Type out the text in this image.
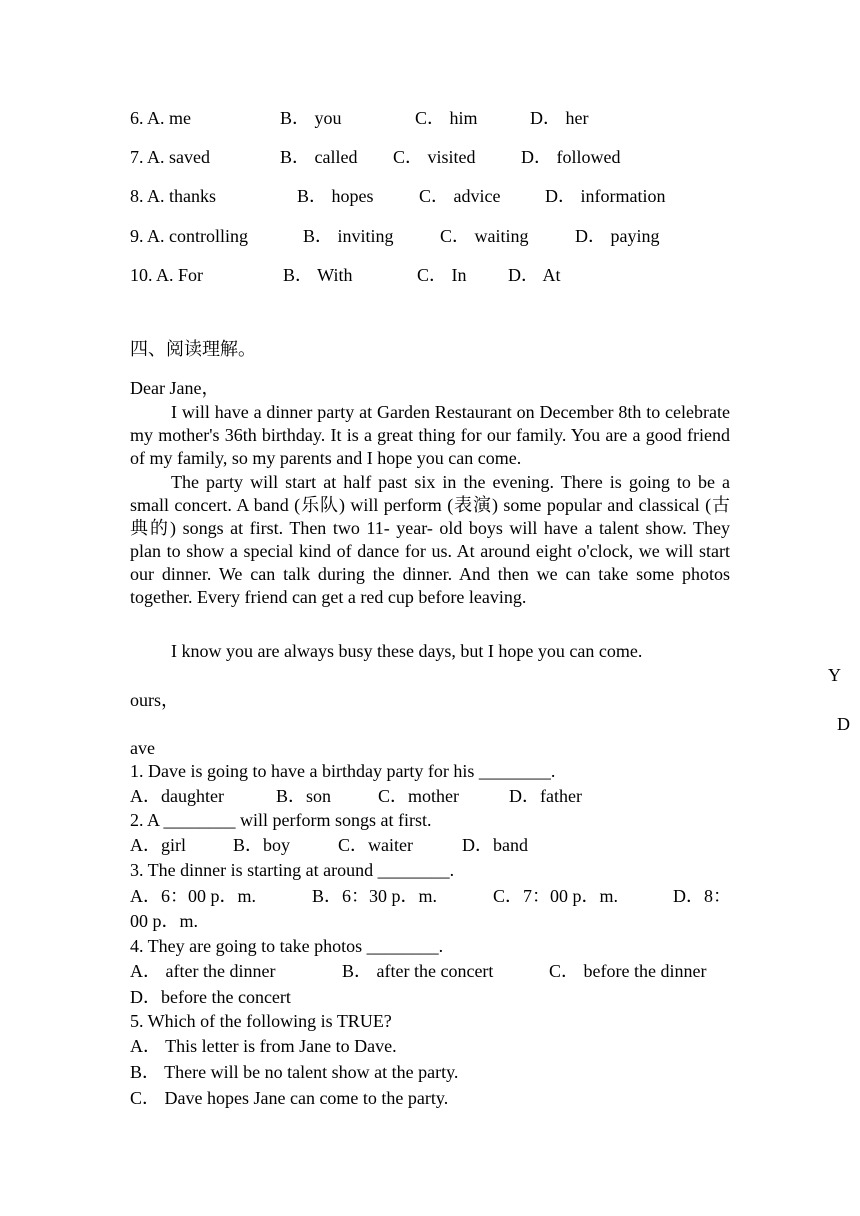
6. A. me	B． you	C． him	D． her
7. A. saved	B． called C． visited	D． followed
8. A. thanks	B． hopes	C． advice D． information
9. A. controlling	B． inviting	C． waiting	D． paying
10. A. For	B． With	C． In D． At
四、阅读理解。
Dear Jane，
I will have a dinner party at Garden Restaurant on December 8th to celebrate my mother's 36th birthday. It is a great thing for our family. You are a good friend of my family, so my parents and I hope you can come.
The party will start at half past six in the evening. There is going to be a small concert. A band (乐队) will perform (表演) some popular and classical (古典的) songs at first. Then two 11- year- old boys will have a talent show. They plan to show a special kind of dance for us. At around eight o'clock, we will start our dinner. We can talk during the dinner. And then we can take some photos together. Every friend can get a red cup before leaving.
I know you are always busy these days, but I hope you can come.
Y
ours，
D
ave
1. Dave is going to have a birthday party for his ________.
A．daughter	B．son	C．mother	D．father
2. A ________ will perform songs at first.
A．girl	B．boy	C．waiter	D．band
3. The dinner is starting at around ________.
A．6：00 p．m.	B．6：30 p．m.	C．7：00 p．m.	D．8：
00 p．m.
4. They are going to take photos ________.
A． after the dinner	B． after the concert	C． before the dinner
D．before the concert
5. Which of the following is TRUE?
A． This letter is from Jane to Dave.
B． There will be no talent show at the party.
C． Dave hopes Jane can come to the party.
